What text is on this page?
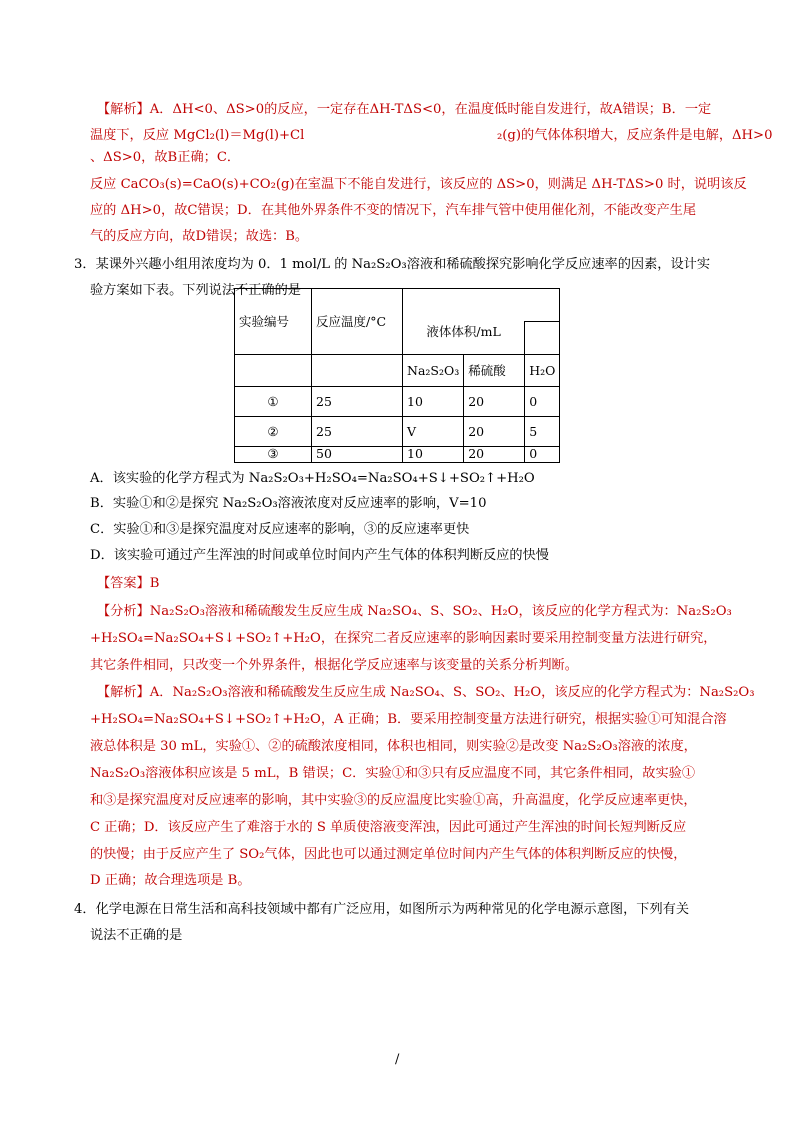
【解析】A．ΔH<0、ΔS>0的反应，一定存在ΔH-TΔS<0，在温度低时能自发进行，故A错误；B．一定
温度下，反应 MgCl₂(l)＝Mg(l)+Cl	₂(g)的气体体积增大，反应条件是电解，ΔH>0
、ΔS>0，故B正确；C．
反应 CaCO₃(s)=CaO(s)+CO₂(g)在室温下不能自发进行，该反应的 ΔS>0，则满足 ΔH-TΔS>0 时，说明该反
应的 ΔH>0，故C错误；D．在其他外界条件不变的情况下，汽车排气管中使用催化剂，不能改变产生尾
气的反应方向，故D错误；故选：B。
3．某课外兴趣小组用浓度均为 0．1 mol/L 的 Na₂S₂O₃溶液和稀硫酸探究影响化学反应速率的因素，设计实
验方案如下表。下列说法不正确的是
实验编号	反应温度/°C			
		液体体积/mL		
		Na₂S₂O₃	稀硫酸	H₂O
①	25	10	20	0
②	25	V	20	5
③	50	10	20	0
A．该实验的化学方程式为 Na₂S₂O₃+H₂SO₄=Na₂SO₄+S↓+SO₂↑+H₂O
B．实验①和②是探究 Na₂S₂O₃溶液浓度对反应速率的影响，V=10
C．实验①和③是探究温度对反应速率的影响，③的反应速率更快
D．该实验可通过产生浑浊的时间或单位时间内产生气体的体积判断反应的快慢
【答案】B
【分析】Na₂S₂O₃溶液和稀硫酸发生反应生成 Na₂SO₄、S、SO₂、H₂O，该反应的化学方程式为：Na₂S₂O₃
+H₂SO₄=Na₂SO₄+S↓+SO₂↑+H₂O，在探究二者反应速率的影响因素时要采用控制变量方法进行研究，
其它条件相同，只改变一个外界条件，根据化学反应速率与该变量的关系分析判断。
【解析】A．Na₂S₂O₃溶液和稀硫酸发生反应生成 Na₂SO₄、S、SO₂、H₂O，该反应的化学方程式为：Na₂S₂O₃
+H₂SO₄=Na₂SO₄+S↓+SO₂↑+H₂O，A 正确；B．要采用控制变量方法进行研究，根据实验①可知混合溶
液总体积是 30 mL，实验①、②的硫酸浓度相同，体积也相同，则实验②是改变 Na₂S₂O₃溶液的浓度，
Na₂S₂O₃溶液体积应该是 5 mL，B 错误；C．实验①和③只有反应温度不同，其它条件相同，故实验①
和③是探究温度对反应速率的影响，其中实验③的反应温度比实验①高，升高温度，化学反应速率更快，
C 正确；D．该反应产生了难溶于水的 S 单质使溶液变浑浊，因此可通过产生浑浊的时间长短判断反应
的快慢；由于反应产生了 SO₂气体，因此也可以通过测定单位时间内产生气体的体积判断反应的快慢，
D 正确；故合理选项是 B。
4．化学电源在日常生活和高科技领域中都有广泛应用，如图所示为两种常见的化学电源示意图，下列有关
说法不正确的是
/
